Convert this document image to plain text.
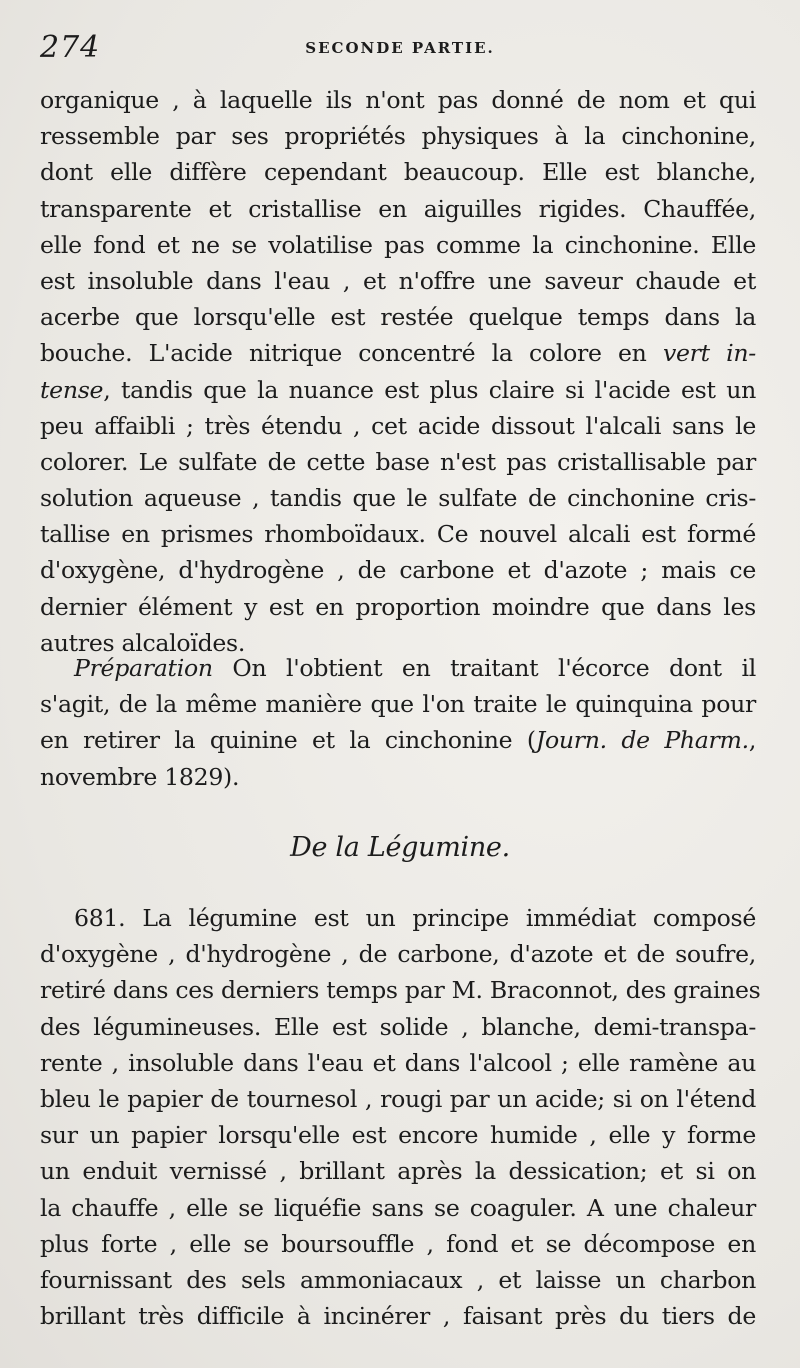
274	SECONDE PARTIE.
organique , à laquelle ils n'ont pas donné de nom et qui
ressemble par ses propriétés physiques à la cinchonine,
dont elle diffère cependant beaucoup. Elle est blanche,
transparente et cristallise en aiguilles rigides. Chauffée,
elle fond et ne se volatilise pas comme la cinchonine. Elle
est insoluble dans l'eau , et n'offre une saveur chaude et
acerbe que lorsqu'elle est restée quelque temps dans la
bouche. L'acide nitrique concentré la colore en vert in-
tense, tandis que la nuance est plus claire si l'acide est un
peu affaibli ; très étendu , cet acide dissout l'alcali sans le
colorer. Le sulfate de cette base n'est pas cristallisable par
solution aqueuse , tandis que le sulfate de cinchonine cris-
tallise en prismes rhomboïdaux. Ce nouvel alcali est formé
d'oxygène, d'hydrogène , de carbone et d'azote ; mais ce
dernier élément y est en proportion moindre que dans les
autres alcaloïdes.
Préparation On l'obtient en traitant l'écorce dont il
s'agit, de la même manière que l'on traite le quinquina pour
en retirer la quinine et la cinchonine (Journ. de Pharm.,
novembre 1829).
De la Légumine.
681. La légumine est un principe immédiat composé
d'oxygène , d'hydrogène , de carbone, d'azote et de soufre,
retiré dans ces derniers temps par M. Braconnot, des graines
des légumineuses. Elle est solide , blanche, demi-transpa-
rente , insoluble dans l'eau et dans l'alcool ; elle ramène au
bleu le papier de tournesol , rougi par un acide; si on l'étend
sur un papier lorsqu'elle est encore humide , elle y forme
un enduit vernissé , brillant après la dessication; et si on
la chauffe , elle se liquéfie sans se coaguler. A une chaleur
plus forte , elle se boursouffle , fond et se décompose en
fournissant des sels ammoniacaux , et laisse un charbon
brillant très difficile à incinérer , faisant près du tiers de
